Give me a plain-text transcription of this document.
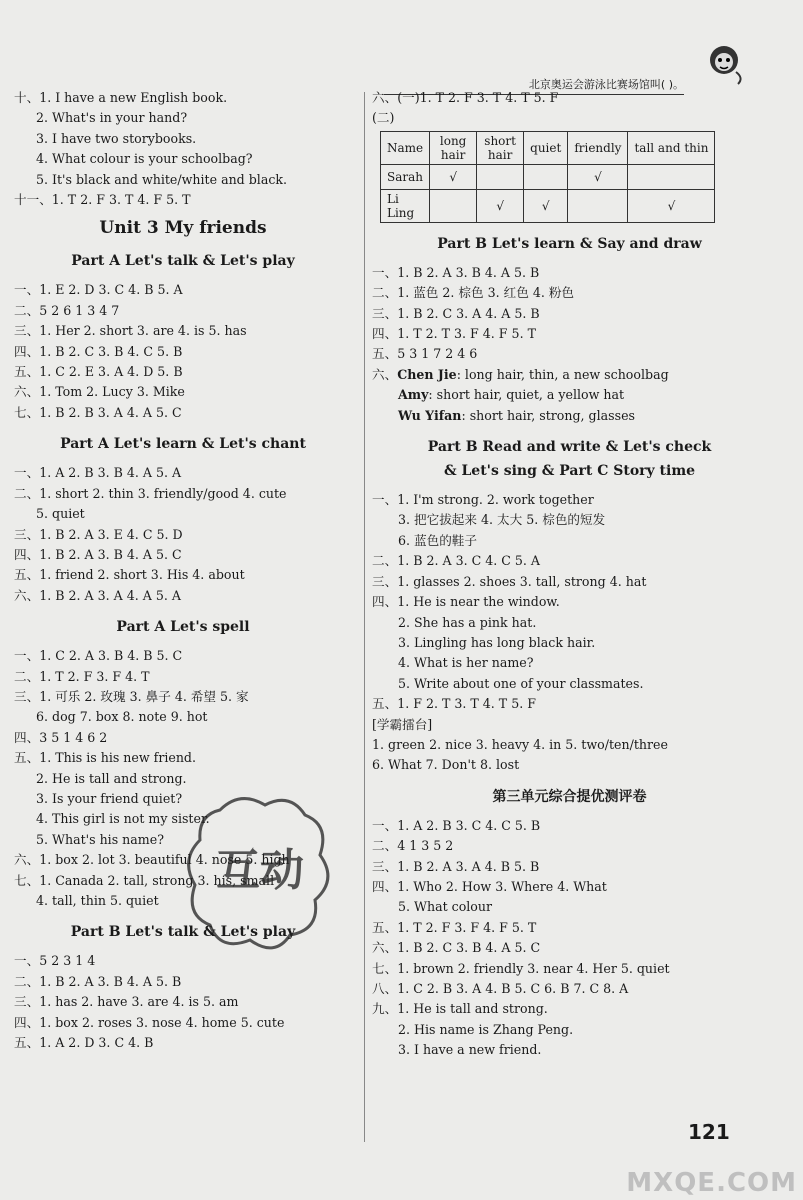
北京奥运会游泳比赛场馆叫( )。
十、1. I have a new English book.
2. What's in your hand?
3. I have two storybooks.
4. What colour is your schoolbag?
5. It's black and white/white and black.
十一、1. T 2. F 3. T 4. F 5. T
Unit 3 My friends
Part A Let's talk & Let's play
一、1. E 2. D 3. C 4. B 5. A
二、5 2 6 1 3 4 7
三、1. Her 2. short 3. are 4. is 5. has
四、1. B 2. C 3. B 4. C 5. B
五、1. C 2. E 3. A 4. D 5. B
六、1. Tom 2. Lucy 3. Mike
七、1. B 2. B 3. A 4. A 5. C
Part A Let's learn & Let's chant
一、1. A 2. B 3. B 4. A 5. A
二、1. short 2. thin 3. friendly/good 4. cute
5. quiet
三、1. B 2. A 3. E 4. C 5. D
四、1. B 2. A 3. B 4. A 5. C
五、1. friend 2. short 3. His 4. about
六、1. B 2. A 3. A 4. A 5. A
Part A Let's spell
一、1. C 2. A 3. B 4. B 5. C
二、1. T 2. F 3. F 4. T
三、1. 可乐 2. 玫瑰 3. 鼻子 4. 希望 5. 家
6. dog 7. box 8. note 9. hot
四、3 5 1 4 6 2
五、1. This is his new friend.
2. He is tall and strong.
3. Is your friend quiet?
4. This girl is not my sister.
5. What's his name?
六、1. box 2. lot 3. beautiful 4. nose 5. high
七、1. Canada 2. tall, strong 3. his, small
4. tall, thin 5. quiet
Part B Let's talk & Let's play
一、5 2 3 1 4
二、1. B 2. A 3. B 4. A 5. B
三、1. has 2. have 3. are 4. is 5. am
四、1. box 2. roses 3. nose 4. home 5. cute
五、1. A 2. D 3. C 4. B
六、(一)1. T 2. F 3. T 4. T 5. F
(二)
Name	long hair	short hair	quiet	friendly	tall and thin
Sarah	√			√	
Li Ling		√	√		√
Part B Let's learn & Say and draw
一、1. B 2. A 3. B 4. A 5. B
二、1. 蓝色 2. 棕色 3. 红色 4. 粉色
三、1. B 2. C 3. A 4. A 5. B
四、1. T 2. T 3. F 4. F 5. T
五、5 3 1 7 2 4 6
六、Chen Jie: long hair, thin, a new schoolbag
Amy: short hair, quiet, a yellow hat
Wu Yifan: short hair, strong, glasses
Part B Read and write & Let's check
& Let's sing & Part C Story time
一、1. I'm strong. 2. work together
3. 把它拔起来 4. 太大 5. 棕色的短发
6. 蓝色的鞋子
二、1. B 2. A 3. C 4. C 5. A
三、1. glasses 2. shoes 3. tall, strong 4. hat
四、1. He is near the window.
2. She has a pink hat.
3. Lingling has long black hair.
4. What is her name?
5. Write about one of your classmates.
五、1. F 2. T 3. T 4. T 5. F
[学霸擂台]
1. green 2. nice 3. heavy 4. in 5. two/ten/three
6. What 7. Don't 8. lost
第三单元综合提优测评卷
一、1. A 2. B 3. C 4. C 5. B
二、4 1 3 5 2
三、1. B 2. A 3. A 4. B 5. B
四、1. Who 2. How 3. Where 4. What
5. What colour
五、1. T 2. F 3. F 4. F 5. T
六、1. B 2. C 3. B 4. A 5. C
七、1. brown 2. friendly 3. near 4. Her 5. quiet
八、1. C 2. B 3. A 4. B 5. C 6. B 7. C 8. A
九、1. He is tall and strong.
2. His name is Zhang Peng.
3. I have a new friend.
互动
121
MXQE.COM
